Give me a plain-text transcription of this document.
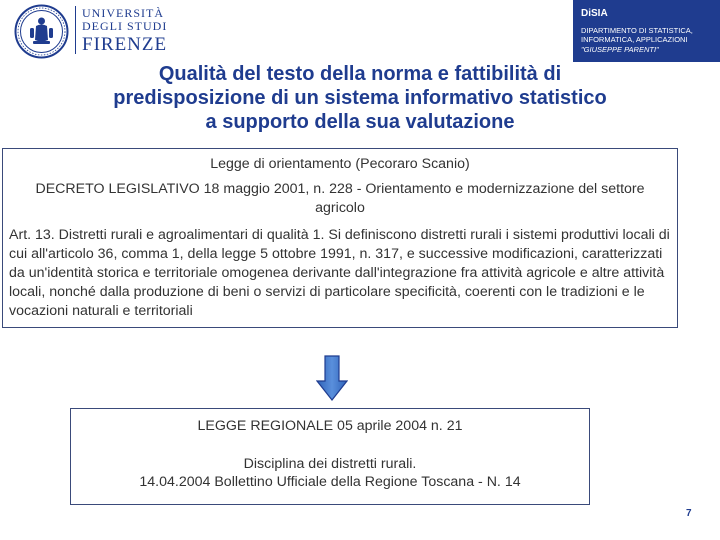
UNIVERSITÀ
DEGLI STUDI
FIRENZE
DiSIA
DIPARTIMENTO DI STATISTICA,
INFORMATICA, APPLICAZIONI
"GIUSEPPE PARENTI"
Qualità del testo della norma e fattibilità di
predisposizione di un sistema informativo statistico
a supporto della sua valutazione
Legge di orientamento (Pecoraro Scanio)
DECRETO LEGISLATIVO 18 maggio 2001, n. 228 - Orientamento e modernizzazione del settore agricolo
Art. 13. Distretti rurali e agroalimentari di qualità 1. Si definiscono distretti rurali i sistemi produttivi locali di cui all'articolo 36, comma 1, della legge 5 ottobre 1991, n. 317, e successive modificazioni, caratterizzati da un'identità storica e territoriale omogenea derivante dall'integrazione fra attività agricole e altre attività locali, nonché dalla produzione di beni o servizi di particolare specificità, coerenti con le tradizioni e le vocazioni naturali e territoriali
LEGGE REGIONALE 05 aprile 2004 n. 21
Disciplina dei distretti rurali.
14.04.2004 Bollettino Ufficiale della Regione Toscana - N. 14
7
